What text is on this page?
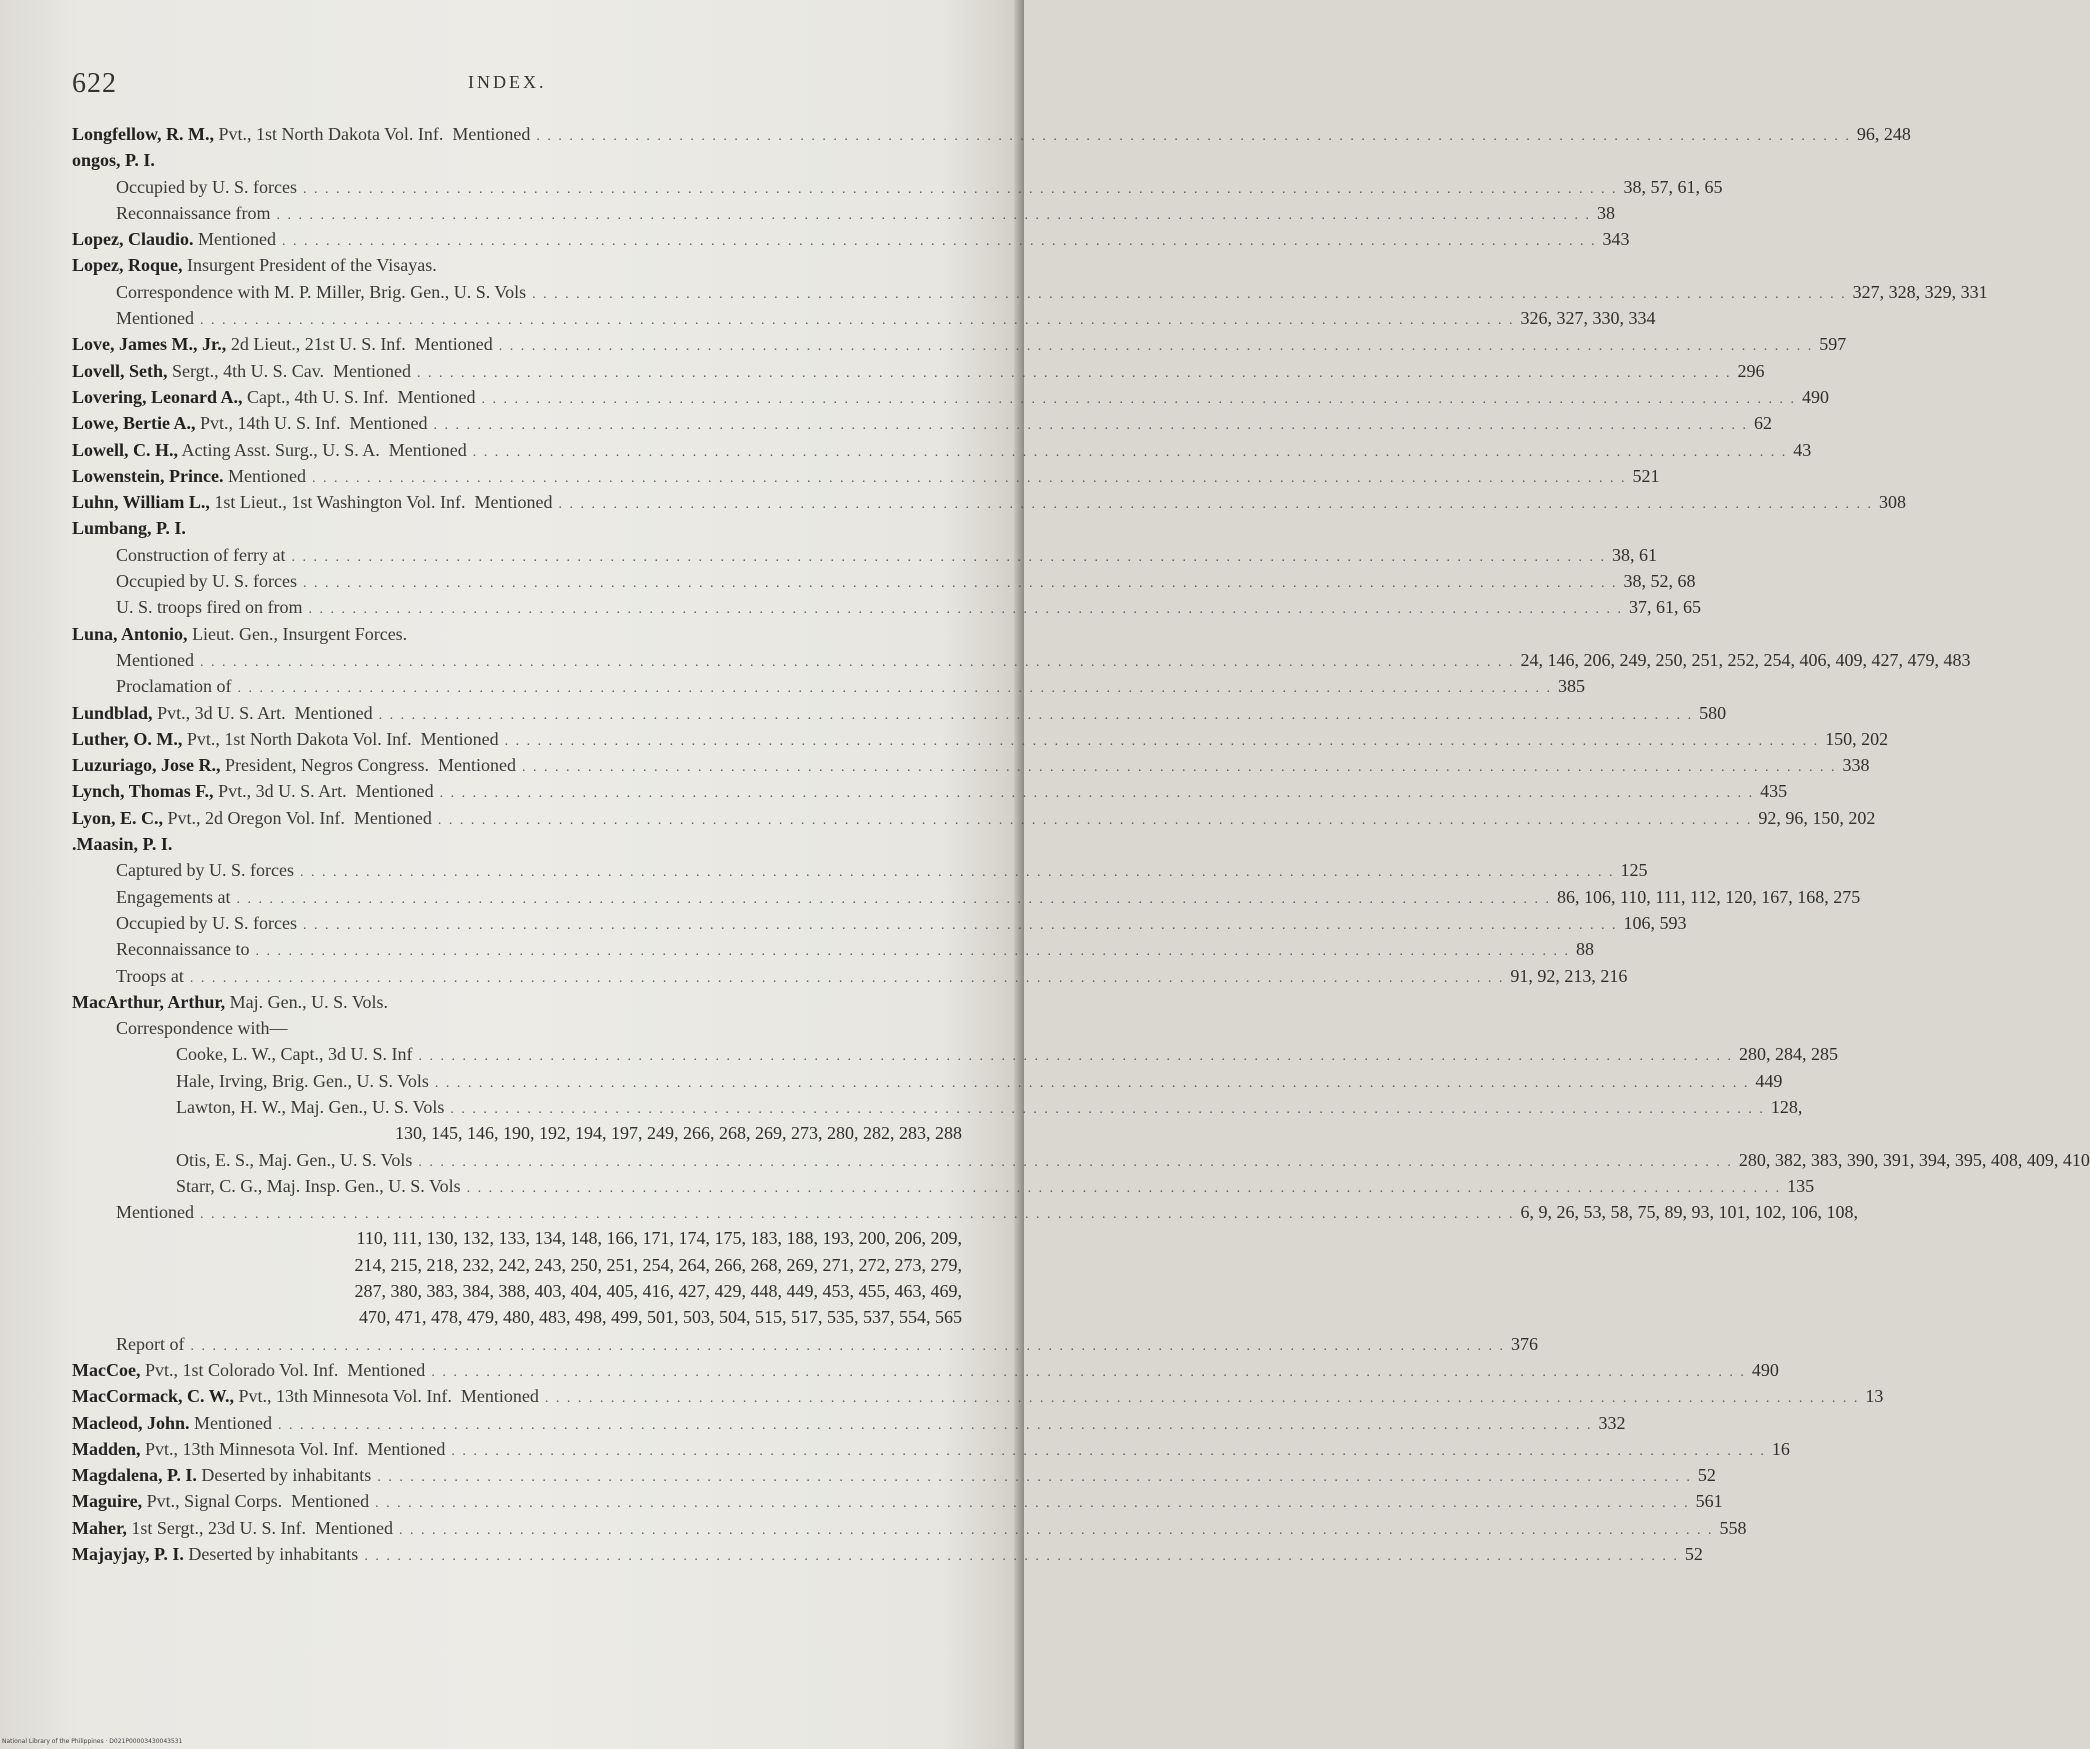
622	INDEX.
Longfellow, R. M., Pvt., 1st North Dakota Vol. Inf.  Mentioned . . . . . . . . . . . . . . . . . . . . . . . . . . . . . . . . . . . . . . . . . . . . . . . . . . . . . . . . . . . . . . . . . . . . . . . . . . . . . . . . . . . . . . . . . . . . . . . . . . . . . . . . . . . . . . . . . . . . . . . . 96, 248
ongos, P. I.
Occupied by U. S. forces . . . . . . . . . . . . . . . . . . . . . . . . . . . . . . . . . . . . . . . . . . . . . . . . . . . . . . . . . . . . . . . . . . . . . . . . . . . . . . . . . . . . . . . . . . . . . . . . . . . . . . . . . . . . . . . . . . . . . . . . 38, 57, 61, 65
Reconnaissance from . . . . . . . . . . . . . . . . . . . . . . . . . . . . . . . . . . . . . . . . . . . . . . . . . . . . . . . . . . . . . . . . . . . . . . . . . . . . . . . . . . . . . . . . . . . . . . . . . . . . . . . . . . . . . . . . . . . . . . . . 38
Lopez, Claudio. Mentioned . . . . . . . . . . . . . . . . . . . . . . . . . . . . . . . . . . . . . . . . . . . . . . . . . . . . . . . . . . . . . . . . . . . . . . . . . . . . . . . . . . . . . . . . . . . . . . . . . . . . . . . . . . . . . . . . . . . . . . . . 343
Lopez, Roque, Insurgent President of the Visayas.
Correspondence with M. P. Miller, Brig. Gen., U. S. Vols . . . . . . . . . . . . . . . . . . . . . . . . . . . . . . . . . . . . . . . . . . . . . . . . . . . . . . . . . . . . . . . . . . . . . . . . . . . . . . . . . . . . . . . . . . . . . . . . . . . . . . . . . . . . . . . . . . . . . . . . 327, 328, 329, 331
Mentioned . . . . . . . . . . . . . . . . . . . . . . . . . . . . . . . . . . . . . . . . . . . . . . . . . . . . . . . . . . . . . . . . . . . . . . . . . . . . . . . . . . . . . . . . . . . . . . . . . . . . . . . . . . . . . . . . . . . . . . . . 326, 327, 330, 334
Love, James M., Jr., 2d Lieut., 21st U. S. Inf.  Mentioned . . . . . . . . . . . . . . . . . . . . . . . . . . . . . . . . . . . . . . . . . . . . . . . . . . . . . . . . . . . . . . . . . . . . . . . . . . . . . . . . . . . . . . . . . . . . . . . . . . . . . . . . . . . . . . . . . . . . . . . . 597
Lovell, Seth, Sergt., 4th U. S. Cav.  Mentioned . . . . . . . . . . . . . . . . . . . . . . . . . . . . . . . . . . . . . . . . . . . . . . . . . . . . . . . . . . . . . . . . . . . . . . . . . . . . . . . . . . . . . . . . . . . . . . . . . . . . . . . . . . . . . . . . . . . . . . . . 296
Lovering, Leonard A., Capt., 4th U. S. Inf.  Mentioned . . . . . . . . . . . . . . . . . . . . . . . . . . . . . . . . . . . . . . . . . . . . . . . . . . . . . . . . . . . . . . . . . . . . . . . . . . . . . . . . . . . . . . . . . . . . . . . . . . . . . . . . . . . . . . . . . . . . . . . . 490
Lowe, Bertie A., Pvt., 14th U. S. Inf.  Mentioned . . . . . . . . . . . . . . . . . . . . . . . . . . . . . . . . . . . . . . . . . . . . . . . . . . . . . . . . . . . . . . . . . . . . . . . . . . . . . . . . . . . . . . . . . . . . . . . . . . . . . . . . . . . . . . . . . . . . . . . . 62
Lowell, C. H., Acting Asst. Surg., U. S. A.  Mentioned . . . . . . . . . . . . . . . . . . . . . . . . . . . . . . . . . . . . . . . . . . . . . . . . . . . . . . . . . . . . . . . . . . . . . . . . . . . . . . . . . . . . . . . . . . . . . . . . . . . . . . . . . . . . . . . . . . . . . . . . 43
Lowenstein, Prince. Mentioned . . . . . . . . . . . . . . . . . . . . . . . . . . . . . . . . . . . . . . . . . . . . . . . . . . . . . . . . . . . . . . . . . . . . . . . . . . . . . . . . . . . . . . . . . . . . . . . . . . . . . . . . . . . . . . . . . . . . . . . . 521
Luhn, William L., 1st Lieut., 1st Washington Vol. Inf.  Mentioned . . . . . . . . . . . . . . . . . . . . . . . . . . . . . . . . . . . . . . . . . . . . . . . . . . . . . . . . . . . . . . . . . . . . . . . . . . . . . . . . . . . . . . . . . . . . . . . . . . . . . . . . . . . . . . . . . . . . . . . . 308
Lumbang, P. I.
Construction of ferry at . . . . . . . . . . . . . . . . . . . . . . . . . . . . . . . . . . . . . . . . . . . . . . . . . . . . . . . . . . . . . . . . . . . . . . . . . . . . . . . . . . . . . . . . . . . . . . . . . . . . . . . . . . . . . . . . . . . . . . . . 38, 61
Occupied by U. S. forces . . . . . . . . . . . . . . . . . . . . . . . . . . . . . . . . . . . . . . . . . . . . . . . . . . . . . . . . . . . . . . . . . . . . . . . . . . . . . . . . . . . . . . . . . . . . . . . . . . . . . . . . . . . . . . . . . . . . . . . . 38, 52, 68
U. S. troops fired on from . . . . . . . . . . . . . . . . . . . . . . . . . . . . . . . . . . . . . . . . . . . . . . . . . . . . . . . . . . . . . . . . . . . . . . . . . . . . . . . . . . . . . . . . . . . . . . . . . . . . . . . . . . . . . . . . . . . . . . . . 37, 61, 65
Luna, Antonio, Lieut. Gen., Insurgent Forces.
Mentioned . . . . . . . . . . . . . . . . . . . . . . . . . . . . . . . . . . . . . . . . . . . . . . . . . . . . . . . . . . . . . . . . . . . . . . . . . . . . . . . . . . . . . . . . . . . . . . . . . . . . . . . . . . . . . . . . . . . . . . . . 24, 146, 206, 249, 250, 251, 252, 254, 406, 409, 427, 479, 483
Proclamation of . . . . . . . . . . . . . . . . . . . . . . . . . . . . . . . . . . . . . . . . . . . . . . . . . . . . . . . . . . . . . . . . . . . . . . . . . . . . . . . . . . . . . . . . . . . . . . . . . . . . . . . . . . . . . . . . . . . . . . . . 385
Lundblad, Pvt., 3d U. S. Art.  Mentioned . . . . . . . . . . . . . . . . . . . . . . . . . . . . . . . . . . . . . . . . . . . . . . . . . . . . . . . . . . . . . . . . . . . . . . . . . . . . . . . . . . . . . . . . . . . . . . . . . . . . . . . . . . . . . . . . . . . . . . . . 580
Luther, O. M., Pvt., 1st North Dakota Vol. Inf.  Mentioned . . . . . . . . . . . . . . . . . . . . . . . . . . . . . . . . . . . . . . . . . . . . . . . . . . . . . . . . . . . . . . . . . . . . . . . . . . . . . . . . . . . . . . . . . . . . . . . . . . . . . . . . . . . . . . . . . . . . . . . . 150, 202
Luzuriago, Jose R., President, Negros Congress.  Mentioned . . . . . . . . . . . . . . . . . . . . . . . . . . . . . . . . . . . . . . . . . . . . . . . . . . . . . . . . . . . . . . . . . . . . . . . . . . . . . . . . . . . . . . . . . . . . . . . . . . . . . . . . . . . . . . . . . . . . . . . . 338
Lynch, Thomas F., Pvt., 3d U. S. Art.  Mentioned . . . . . . . . . . . . . . . . . . . . . . . . . . . . . . . . . . . . . . . . . . . . . . . . . . . . . . . . . . . . . . . . . . . . . . . . . . . . . . . . . . . . . . . . . . . . . . . . . . . . . . . . . . . . . . . . . . . . . . . . 435
Lyon, E. C., Pvt., 2d Oregon Vol. Inf.  Mentioned . . . . . . . . . . . . . . . . . . . . . . . . . . . . . . . . . . . . . . . . . . . . . . . . . . . . . . . . . . . . . . . . . . . . . . . . . . . . . . . . . . . . . . . . . . . . . . . . . . . . . . . . . . . . . . . . . . . . . . . . 92, 96, 150, 202
.Maasin, P. I.
Captured by U. S. forces . . . . . . . . . . . . . . . . . . . . . . . . . . . . . . . . . . . . . . . . . . . . . . . . . . . . . . . . . . . . . . . . . . . . . . . . . . . . . . . . . . . . . . . . . . . . . . . . . . . . . . . . . . . . . . . . . . . . . . . . 125
Engagements at . . . . . . . . . . . . . . . . . . . . . . . . . . . . . . . . . . . . . . . . . . . . . . . . . . . . . . . . . . . . . . . . . . . . . . . . . . . . . . . . . . . . . . . . . . . . . . . . . . . . . . . . . . . . . . . . . . . . . . . . 86, 106, 110, 111, 112, 120, 167, 168, 275
Occupied by U. S. forces . . . . . . . . . . . . . . . . . . . . . . . . . . . . . . . . . . . . . . . . . . . . . . . . . . . . . . . . . . . . . . . . . . . . . . . . . . . . . . . . . . . . . . . . . . . . . . . . . . . . . . . . . . . . . . . . . . . . . . . . 106, 593
Reconnaissance to . . . . . . . . . . . . . . . . . . . . . . . . . . . . . . . . . . . . . . . . . . . . . . . . . . . . . . . . . . . . . . . . . . . . . . . . . . . . . . . . . . . . . . . . . . . . . . . . . . . . . . . . . . . . . . . . . . . . . . . . 88
Troops at . . . . . . . . . . . . . . . . . . . . . . . . . . . . . . . . . . . . . . . . . . . . . . . . . . . . . . . . . . . . . . . . . . . . . . . . . . . . . . . . . . . . . . . . . . . . . . . . . . . . . . . . . . . . . . . . . . . . . . . . 91, 92, 213, 216
MacArthur, Arthur, Maj. Gen., U. S. Vols.
Correspondence with—
Cooke, L. W., Capt., 3d U. S. Inf . . . . . . . . . . . . . . . . . . . . . . . . . . . . . . . . . . . . . . . . . . . . . . . . . . . . . . . . . . . . . . . . . . . . . . . . . . . . . . . . . . . . . . . . . . . . . . . . . . . . . . . . . . . . . . . . . . . . . . . . 280, 284, 285
Hale, Irving, Brig. Gen., U. S. Vols . . . . . . . . . . . . . . . . . . . . . . . . . . . . . . . . . . . . . . . . . . . . . . . . . . . . . . . . . . . . . . . . . . . . . . . . . . . . . . . . . . . . . . . . . . . . . . . . . . . . . . . . . . . . . . . . . . . . . . . . 449
Lawton, H. W., Maj. Gen., U. S. Vols . . . . . . . . . . . . . . . . . . . . . . . . . . . . . . . . . . . . . . . . . . . . . . . . . . . . . . . . . . . . . . . . . . . . . . . . . . . . . . . . . . . . . . . . . . . . . . . . . . . . . . . . . . . . . . . . . . . . . . . . 128,
130, 145, 146, 190, 192, 194, 197, 249, 266, 268, 269, 273, 280, 282, 283, 288
Otis, E. S., Maj. Gen., U. S. Vols . . . . . . . . . . . . . . . . . . . . . . . . . . . . . . . . . . . . . . . . . . . . . . . . . . . . . . . . . . . . . . . . . . . . . . . . . . . . . . . . . . . . . . . . . . . . . . . . . . . . . . . . . . . . . . . . . . . . . . . . 280, 382, 383, 390, 391, 394, 395, 408, 409, 410
Starr, C. G., Maj. Insp. Gen., U. S. Vols . . . . . . . . . . . . . . . . . . . . . . . . . . . . . . . . . . . . . . . . . . . . . . . . . . . . . . . . . . . . . . . . . . . . . . . . . . . . . . . . . . . . . . . . . . . . . . . . . . . . . . . . . . . . . . . . . . . . . . . . 135
Mentioned . . . . . . . . . . . . . . . . . . . . . . . . . . . . . . . . . . . . . . . . . . . . . . . . . . . . . . . . . . . . . . . . . . . . . . . . . . . . . . . . . . . . . . . . . . . . . . . . . . . . . . . . . . . . . . . . . . . . . . . . 6, 9, 26, 53, 58, 75, 89, 93, 101, 102, 106, 108,
110, 111, 130, 132, 133, 134, 148, 166, 171, 174, 175, 183, 188, 193, 200, 206, 209,
214, 215, 218, 232, 242, 243, 250, 251, 254, 264, 266, 268, 269, 271, 272, 273, 279,
287, 380, 383, 384, 388, 403, 404, 405, 416, 427, 429, 448, 449, 453, 455, 463, 469,
470, 471, 478, 479, 480, 483, 498, 499, 501, 503, 504, 515, 517, 535, 537, 554, 565
Report of . . . . . . . . . . . . . . . . . . . . . . . . . . . . . . . . . . . . . . . . . . . . . . . . . . . . . . . . . . . . . . . . . . . . . . . . . . . . . . . . . . . . . . . . . . . . . . . . . . . . . . . . . . . . . . . . . . . . . . . . 376
MacCoe, Pvt., 1st Colorado Vol. Inf.  Mentioned . . . . . . . . . . . . . . . . . . . . . . . . . . . . . . . . . . . . . . . . . . . . . . . . . . . . . . . . . . . . . . . . . . . . . . . . . . . . . . . . . . . . . . . . . . . . . . . . . . . . . . . . . . . . . . . . . . . . . . . . 490
MacCormack, C. W., Pvt., 13th Minnesota Vol. Inf.  Mentioned . . . . . . . . . . . . . . . . . . . . . . . . . . . . . . . . . . . . . . . . . . . . . . . . . . . . . . . . . . . . . . . . . . . . . . . . . . . . . . . . . . . . . . . . . . . . . . . . . . . . . . . . . . . . . . . . . . . . . . . . 13
Macleod, John. Mentioned . . . . . . . . . . . . . . . . . . . . . . . . . . . . . . . . . . . . . . . . . . . . . . . . . . . . . . . . . . . . . . . . . . . . . . . . . . . . . . . . . . . . . . . . . . . . . . . . . . . . . . . . . . . . . . . . . . . . . . . . 332
Madden, Pvt., 13th Minnesota Vol. Inf.  Mentioned . . . . . . . . . . . . . . . . . . . . . . . . . . . . . . . . . . . . . . . . . . . . . . . . . . . . . . . . . . . . . . . . . . . . . . . . . . . . . . . . . . . . . . . . . . . . . . . . . . . . . . . . . . . . . . . . . . . . . . . . 16
Magdalena, P. I. Deserted by inhabitants . . . . . . . . . . . . . . . . . . . . . . . . . . . . . . . . . . . . . . . . . . . . . . . . . . . . . . . . . . . . . . . . . . . . . . . . . . . . . . . . . . . . . . . . . . . . . . . . . . . . . . . . . . . . . . . . . . . . . . . . 52
Maguire, Pvt., Signal Corps.  Mentioned . . . . . . . . . . . . . . . . . . . . . . . . . . . . . . . . . . . . . . . . . . . . . . . . . . . . . . . . . . . . . . . . . . . . . . . . . . . . . . . . . . . . . . . . . . . . . . . . . . . . . . . . . . . . . . . . . . . . . . . . 561
Maher, 1st Sergt., 23d U. S. Inf.  Mentioned . . . . . . . . . . . . . . . . . . . . . . . . . . . . . . . . . . . . . . . . . . . . . . . . . . . . . . . . . . . . . . . . . . . . . . . . . . . . . . . . . . . . . . . . . . . . . . . . . . . . . . . . . . . . . . . . . . . . . . . . 558
Majayjay, P. I. Deserted by inhabitants . . . . . . . . . . . . . . . . . . . . . . . . . . . . . . . . . . . . . . . . . . . . . . . . . . . . . . . . . . . . . . . . . . . . . . . . . . . . . . . . . . . . . . . . . . . . . . . . . . . . . . . . . . . . . . . . . . . . . . . . 52
National Library of the Philippines · D021P00003430043531
